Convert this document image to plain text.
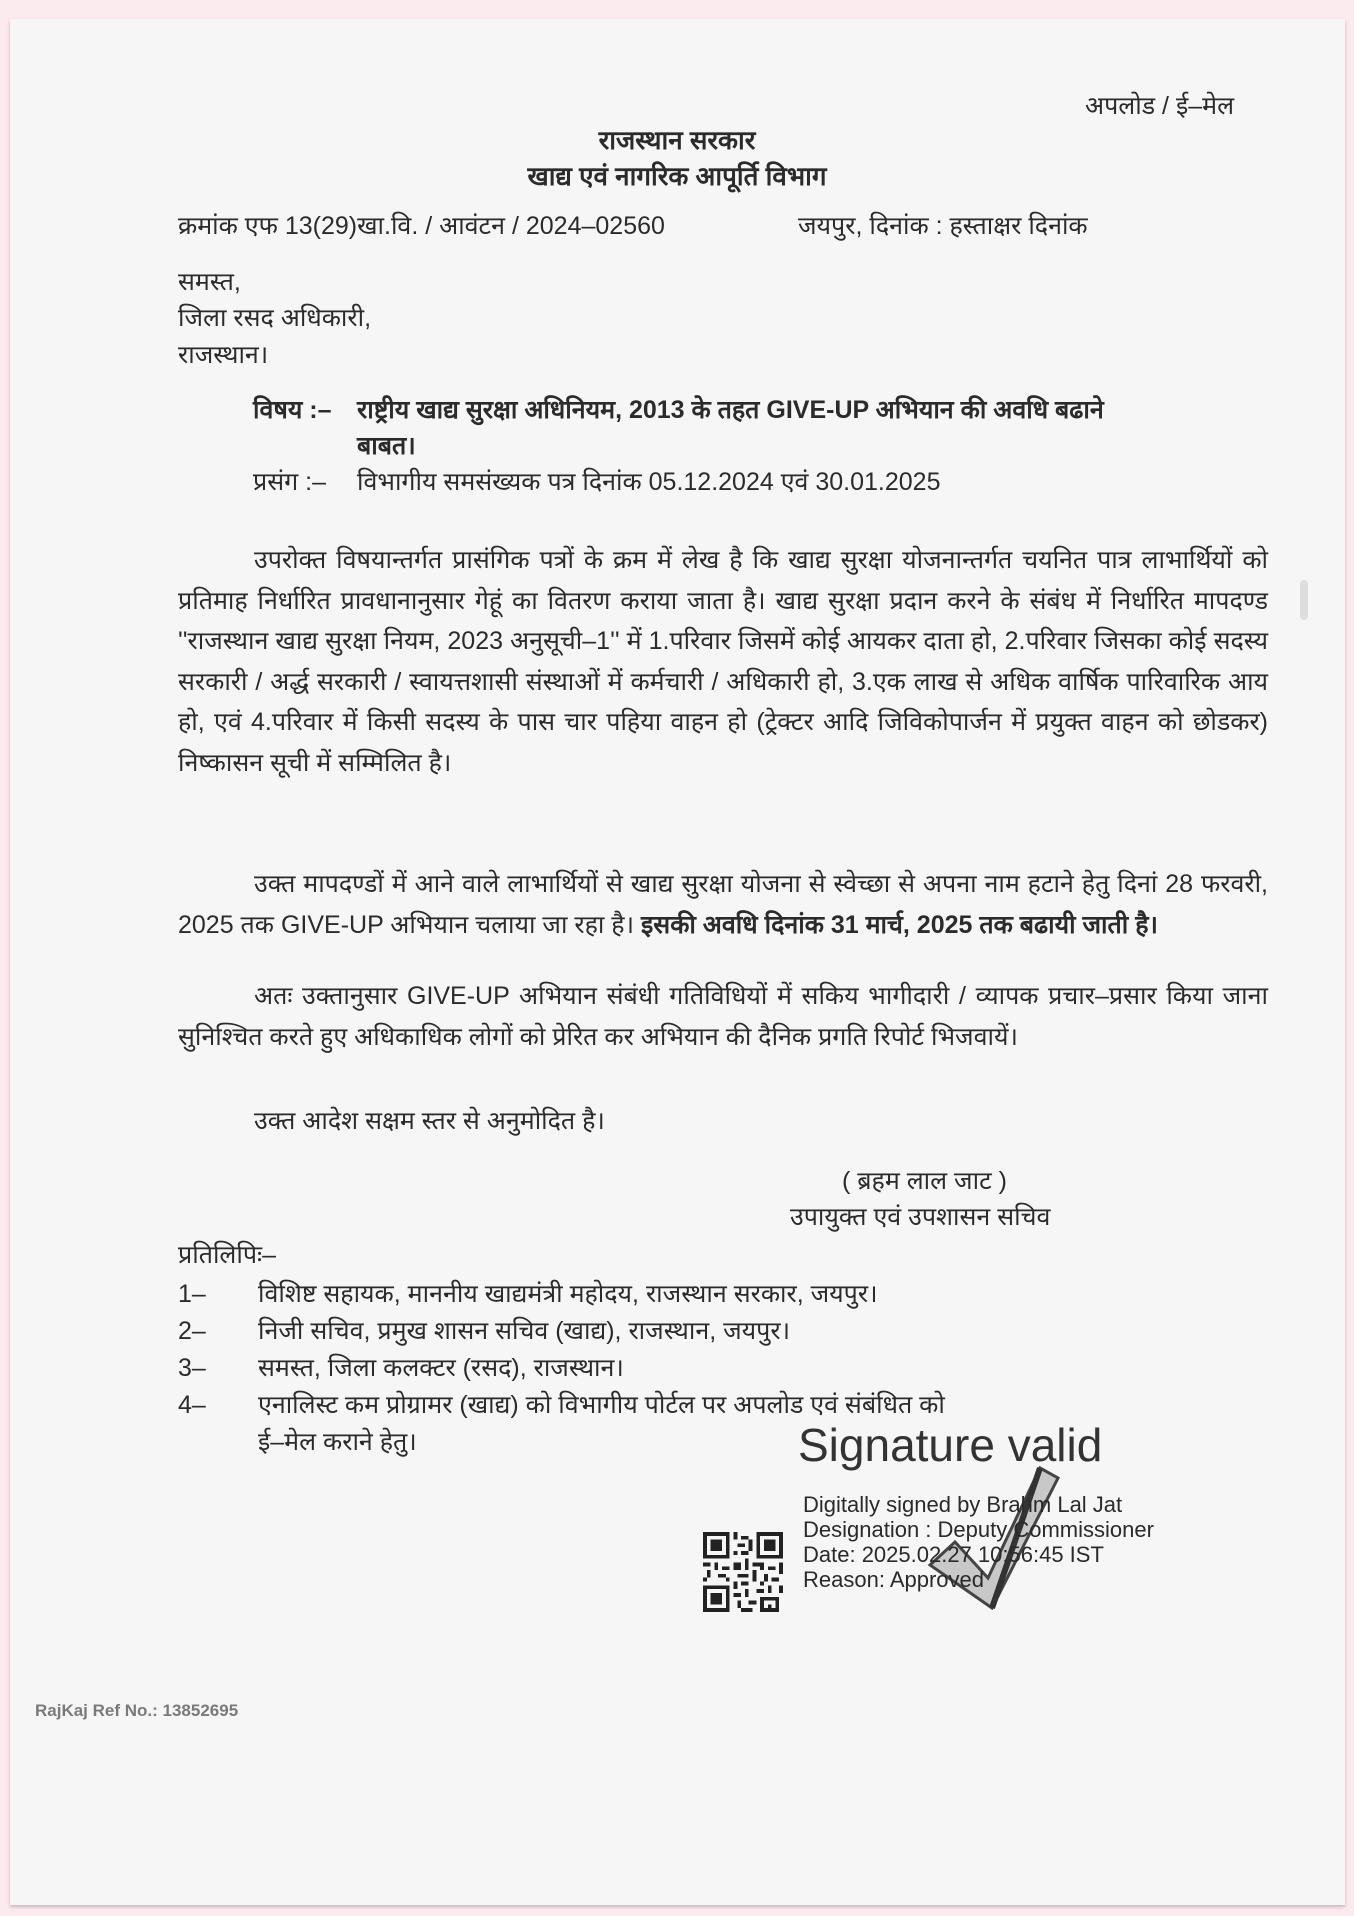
अपलोड / ई–मेल
राजस्थान सरकार
खाद्य एवं नागरिक आपूर्ति विभाग
क्रमांक एफ 13(29)खा.वि. / आवंटन / 2024–02560	जयपुर, दिनांक : हस्ताक्षर दिनांक
समस्त,
जिला रसद अधिकारी,
राजस्थान।
विषय :– राष्ट्रीय खाद्य सुरक्षा अधिनियम, 2013 के तहत GIVE-UP अभियान की अवधि बढाने
बाबत।
प्रसंग :– विभागीय समसंख्यक पत्र दिनांक 05.12.2024 एवं 30.01.2025
उपरोक्त विषयान्तर्गत प्रासंगिक पत्रों के क्रम में लेख है कि खाद्य सुरक्षा योजनान्तर्गत चयनित पात्र लाभार्थियों को प्रतिमाह निर्धारित प्रावधानानुसार गेहूं का वितरण कराया जाता है। खाद्य सुरक्षा प्रदान करने के संबंध में निर्धारित मापदण्ड ''राजस्थान खाद्य सुरक्षा नियम, 2023 अनुसूची–1'' में 1.परिवार जिसमें कोई आयकर दाता हो, 2.परिवार जिसका कोई सदस्य सरकारी / अर्द्ध सरकारी / स्वायत्तशासी संस्थाओं में कर्मचारी / अधिकारी हो, 3.एक लाख से अधिक वार्षिक पारिवारिक आय हो, एवं 4.परिवार में किसी सदस्य के पास चार पहिया वाहन हो (ट्रेक्टर आदि जिविकोपार्जन में प्रयुक्त वाहन को छोडकर) निष्कासन सूची में सम्मिलित है।
उक्त मापदण्डों में आने वाले लाभार्थियों से खाद्य सुरक्षा योजना से स्वेच्छा से अपना नाम हटाने हेतु दिनां 28 फरवरी, 2025 तक GIVE-UP अभियान चलाया जा रहा है। इसकी अवधि दिनांक 31 मार्च, 2025 तक बढायी जाती है।
अतः उक्तानुसार GIVE-UP अभियान संबंधी गतिविधियों में सकिय भागीदारी / व्यापक प्रचार–प्रसार किया जाना सुनिश्चित करते हुए अधिकाधिक लोगों को प्रेरित कर अभियान की दैनिक प्रगति रिपोर्ट भिजवायें।
उक्त आदेश सक्षम स्तर से अनुमोदित है।
( ब्रहम लाल जाट )
उपायुक्त एवं उपशासन सचिव
प्रतिलिपिः–
1– विशिष्ट सहायक, माननीय खाद्यमंत्री महोदय, राजस्थान सरकार, जयपुर।
2– निजी सचिव, प्रमुख शासन सचिव (खाद्य), राजस्थान, जयपुर।
3– समस्त, जिला कलक्टर (रसद), राजस्थान।
4– एनालिस्ट कम प्रोग्रामर (खाद्य) को विभागीय पोर्टल पर अपलोड एवं संबंधित को
ई–मेल कराने हेतु।	Signature valid
Digitally signed by Brahm Lal Jat
Designation : Deputy Commissioner
Date: 2025.02.27 10:56:45 IST
Reason: Approved
RajKaj Ref No.: 13852695
